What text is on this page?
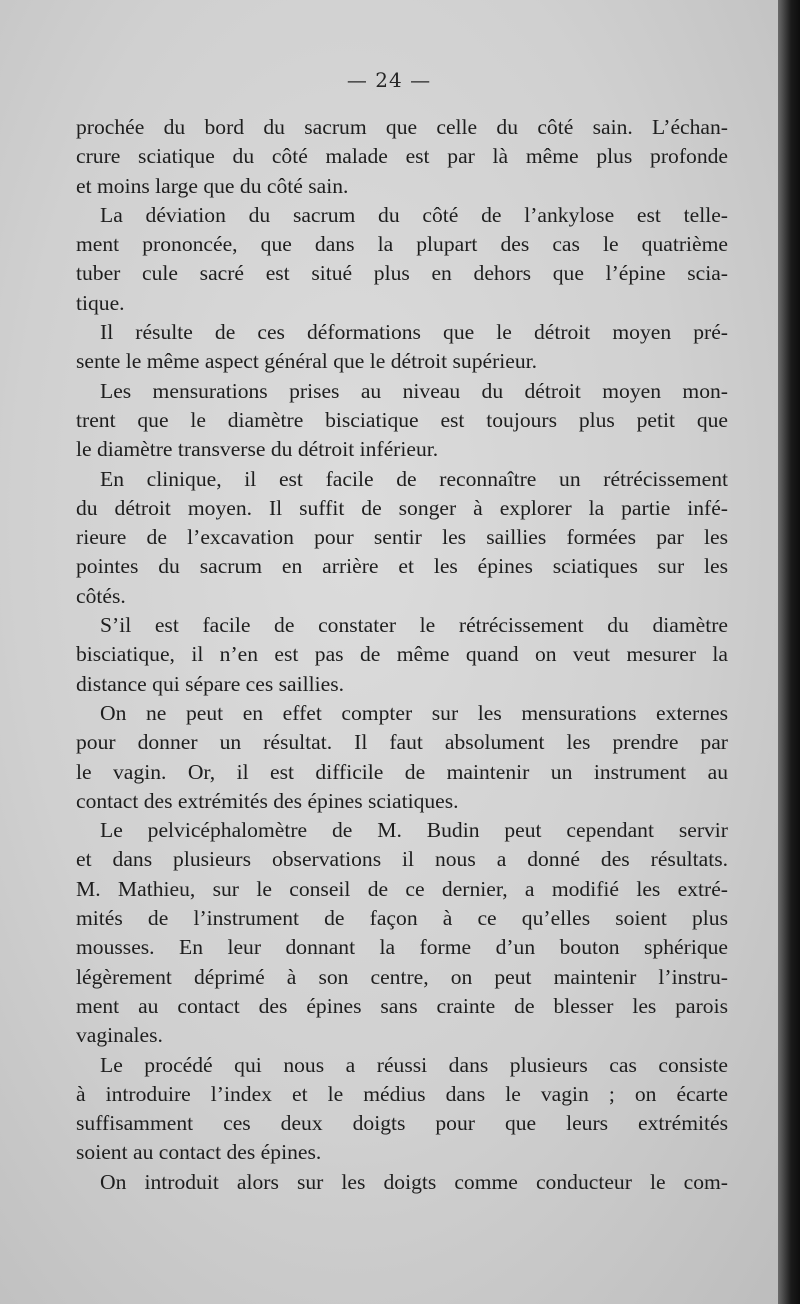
— 24 —
prochée du bord du sacrum que celle du côté sain. L’échan-
crure sciatique du côté malade est par là même plus profonde
et moins large que du côté sain.
La déviation du sacrum du côté de l’ankylose est telle-
ment prononcée, que dans la plupart des cas le quatrième
tuber cule sacré est situé plus en dehors que l’épine scia-
tique.
Il résulte de ces déformations que le détroit moyen pré-
sente le même aspect général que le détroit supérieur.
Les mensurations prises au niveau du détroit moyen mon-
trent que le diamètre bisciatique est toujours plus petit que
le diamètre transverse du détroit inférieur.
En clinique, il est facile de reconnaître un rétrécissement
du détroit moyen. Il suffit de songer à explorer la partie infé-
rieure de l’excavation pour sentir les saillies formées par les
pointes du sacrum en arrière et les épines sciatiques sur les
côtés.
S’il est facile de constater le rétrécissement du diamètre
bisciatique, il n’en est pas de même quand on veut mesurer la
distance qui sépare ces saillies.
On ne peut en effet compter sur les mensurations externes
pour donner un résultat. Il faut absolument les prendre par
le vagin. Or, il est difficile de maintenir un instrument au
contact des extrémités des épines sciatiques.
Le pelvicéphalomètre de M. Budin peut cependant servir
et dans plusieurs observations il nous a donné des résultats.
M. Mathieu, sur le conseil de ce dernier, a modifié les extré-
mités de l’instrument de façon à ce qu’elles soient plus
mousses. En leur donnant la forme d’un bouton sphérique
légèrement déprimé à son centre, on peut maintenir l’instru-
ment au contact des épines sans crainte de blesser les parois
vaginales.
Le procédé qui nous a réussi dans plusieurs cas consiste
à introduire l’index et le médius dans le vagin ; on écarte
suffisamment ces deux doigts pour que leurs extrémités
soient au contact des épines.
On introduit alors sur les doigts comme conducteur le com-
